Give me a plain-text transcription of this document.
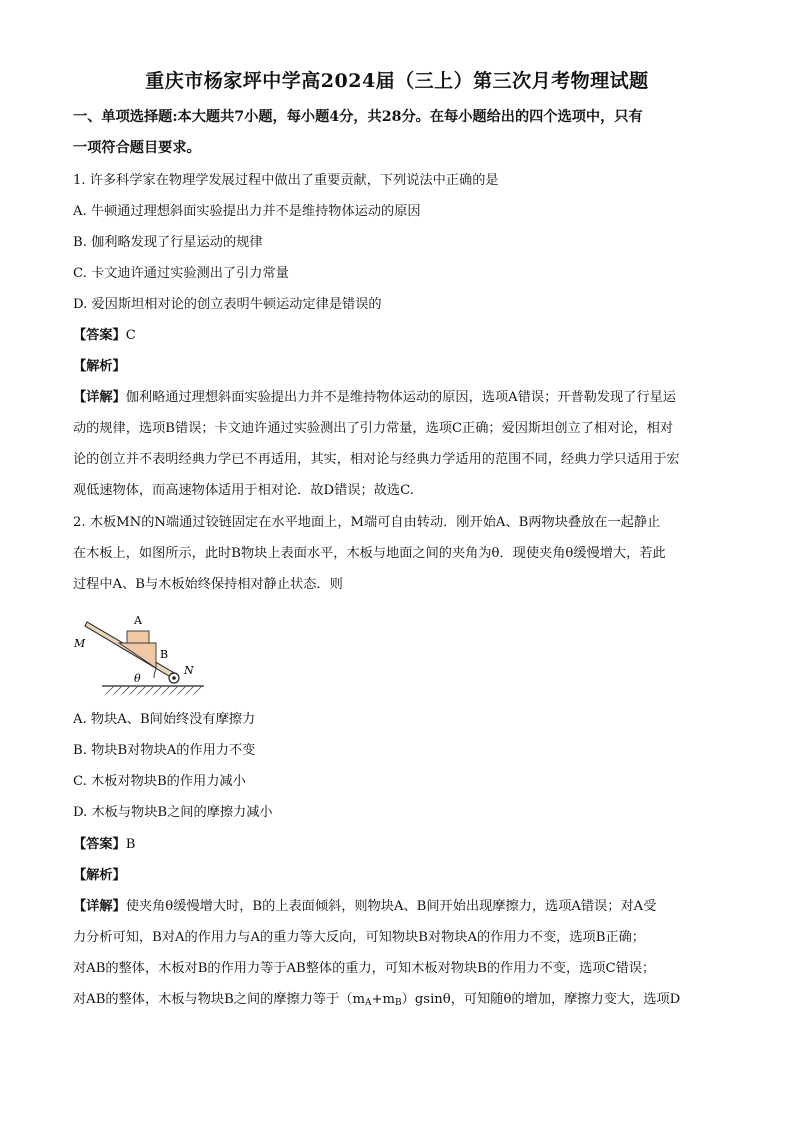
重庆市杨家坪中学高2024届（三上）第三次月考物理试题
一、单项选择题:本大题共7小题，每小题4分，共28分。在每小题给出的四个选项中，只有
一项符合题目要求。
1. 许多科学家在物理学发展过程中做出了重要贡献，下列说法中正确的是
A. 牛顿通过理想斜面实验提出力并不是维持物体运动的原因
B. 伽利略发现了行星运动的规律
C. 卡文迪许通过实验测出了引力常量
D. 爱因斯坦相对论的创立表明牛顿运动定律是错误的
【答案】C
【解析】
【详解】伽利略通过理想斜面实验提出力并不是维持物体运动的原因，选项A错误；开普勒发现了行星运
动的规律，选项B错误；卡文迪许通过实验测出了引力常量，选项C正确；爱因斯坦创立了相对论，相对
论的创立并不表明经典力学已不再适用，其实，相对论与经典力学适用的范围不同，经典力学只适用于宏
观低速物体，而高速物体适用于相对论．故D错误；故选C.
2. 木板MN的N端通过铰链固定在水平地面上，M端可自由转动．刚开始A、B两物块叠放在一起静止
在木板上，如图所示，此时B物块上表面水平，木板与地面之间的夹角为θ．现使夹角θ缓慢增大，若此
过程中A、B与木板始终保持相对静止状态．则
A
B
M
N
θ
A. 物块A、B间始终没有摩擦力
B. 物块B对物块A的作用力不变
C. 木板对物块B的作用力减小
D. 木板与物块B之间的摩擦力减小
【答案】B
【解析】
【详解】使夹角θ缓慢增大时，B的上表面倾斜，则物块A、B间开始出现摩擦力，选项A错误；对A受
力分析可知，B对A的作用力与A的重力等大反向，可知物块B对物块A的作用力不变，选项B正确；
对AB的整体，木板对B的作用力等于AB整体的重力，可知木板对物块B的作用力不变，选项C错误；
对AB的整体，木板与物块B之间的摩擦力等于$(m_A+m_B)gsin\theta$，可知随θ的增加，摩擦力变大，选项D
